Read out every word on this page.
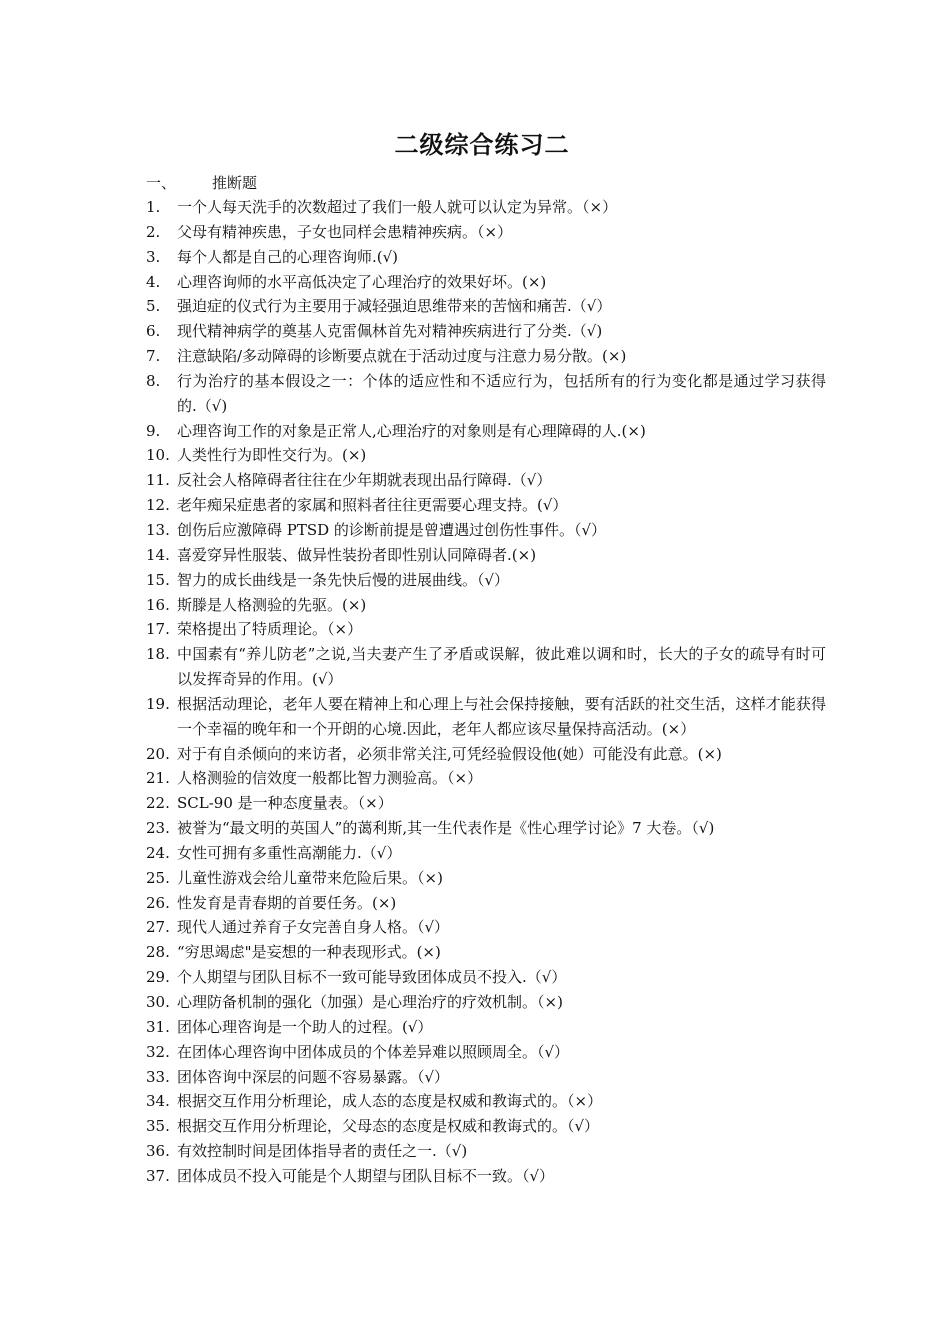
二级综合练习二
一、 推断题
1.	一个人每天洗手的次数超过了我们一般人就可以认定为异常。（×）
2.	父母有精神疾患，子女也同样会患精神疾病。（×）
3.	每个人都是自己的心理咨询师.(√)
4.	心理咨询师的水平高低决定了心理治疗的效果好坏。(×)
5.	强迫症的仪式行为主要用于减轻强迫思维带来的苦恼和痛苦.（√）
6.	现代精神病学的奠基人克雷佩林首先对精神疾病进行了分类.（√)
7.	注意缺陷/多动障碍的诊断要点就在于活动过度与注意力易分散。(×)
8.	行为治疗的基本假设之一：个体的适应性和不适应行为，包括所有的行为变化都是通过学习获得的.（√)
9.	心理咨询工作的对象是正常人,心理治疗的对象则是有心理障碍的人.(×)
10. 人类性行为即性交行为。(×)
11. 反社会人格障碍者往往在少年期就表现出品行障碍.（√）
12. 老年痴呆症患者的家属和照料者往往更需要心理支持。(√）
13. 创伤后应激障碍 PTSD 的诊断前提是曾遭遇过创伤性事件。（√）
14. 喜爱穿异性服装、做异性装扮者即性别认同障碍者.(×)
15. 智力的成长曲线是一条先快后慢的进展曲线。（√）
16. 斯滕是人格测验的先驱。(×)
17. 荣格提出了特质理论。（×）
18. 中国素有“养儿防老”之说,当夫妻产生了矛盾或误解，彼此难以调和时，长大的子女的疏导有时可以发挥奇异的作用。(√）
19. 根据活动理论，老年人要在精神上和心理上与社会保持接触，要有活跃的社交生活，这样才能获得一个幸福的晚年和一个开朗的心境.因此，老年人都应该尽量保持高活动。(×）
20. 对于有自杀倾向的来访者，必须非常关注,可凭经验假设他(她）可能没有此意。(×)
21. 人格测验的信效度一般都比智力测验高。（×）
22. SCL-90 是一种态度量表。（×）
23. 被誉为“最文明的英国人”的蔼利斯,其一生代表作是《性心理学讨论》7 大卷。（√)
24. 女性可拥有多重性高潮能力.（√）
25. 儿童性游戏会给儿童带来危险后果。（×)
26. 性发育是青春期的首要任务。(×)
27. 现代人通过养育子女完善自身人格。（√）
28. “穷思竭虑"是妄想的一种表现形式。(×)
29. 个人期望与团队目标不一致可能导致团体成员不投入.（√）
30. 心理防备机制的强化（加强）是心理治疗的疗效机制。（×)
31. 团体心理咨询是一个助人的过程。(√）
32. 在团体心理咨询中团体成员的个体差异难以照顾周全。（√）
33. 团体咨询中深层的问题不容易暴露。（√）
34. 根据交互作用分析理论，成人态的态度是权威和教诲式的。（×）
35. 根据交互作用分析理论，父母态的态度是权威和教诲式的。（√）
36. 有效控制时间是团体指导者的责任之一.（√)
37. 团体成员不投入可能是个人期望与团队目标不一致。（√）
